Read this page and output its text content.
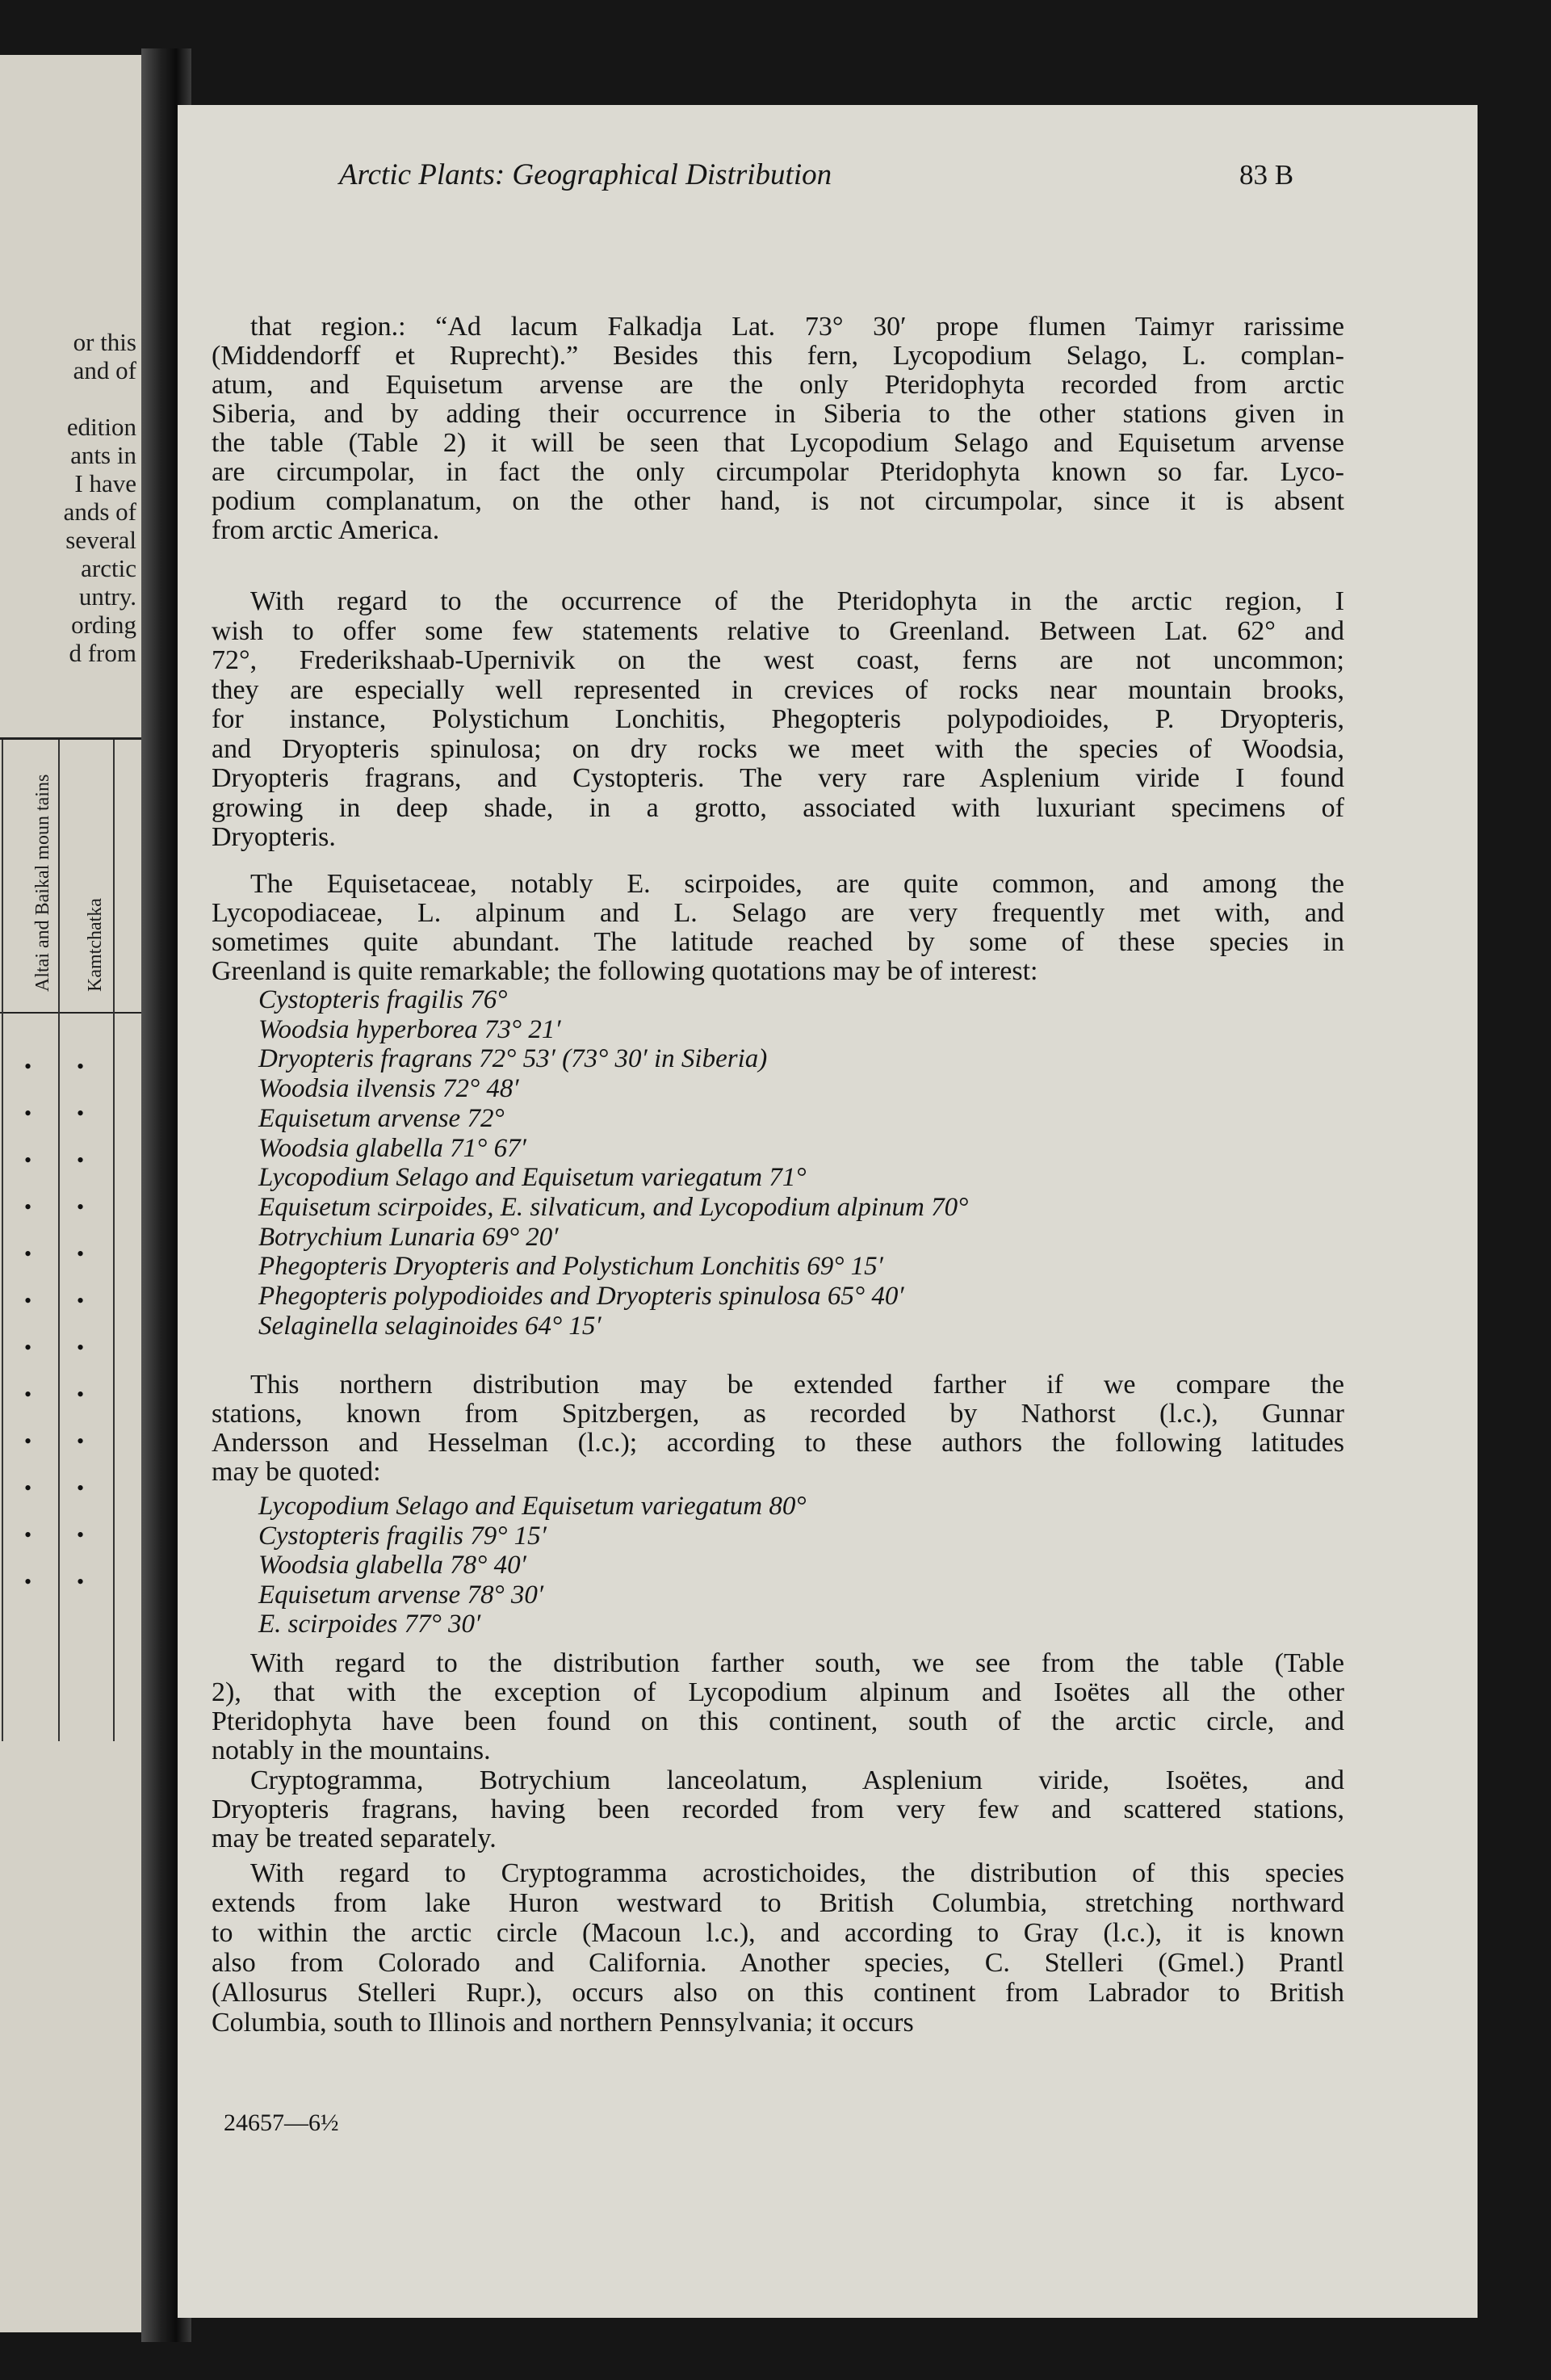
or this
and of
edition
ants in
I have
ands of
several
arctic
untry.
ording
d from
Altai and Baikal moun tains Kamtchatka
• •
• •
• •
• •
• •
• •
• •
• •
• •
• •
• •
• •
Arctic Plants: Geographical Distribution	83 B
that region.: “Ad lacum Falkadja Lat. 73° 30′ prope flumen Taimyr rarissime
(Middendorff et Ruprecht).” Besides this fern, Lycopodium Selago, L. complan-
atum, and Equisetum arvense are the only Pteridophyta recorded from arctic
Siberia, and by adding their occurrence in Siberia to the other stations given in
the table (Table 2) it will be seen that Lycopodium Selago and Equisetum arvense
are circumpolar, in fact the only circumpolar Pteridophyta known so far. Lyco-
podium complanatum, on the other hand, is not circumpolar, since it is absent
from arctic America.
With regard to the occurrence of the Pteridophyta in the arctic region, I
wish to offer some few statements relative to Greenland. Between Lat. 62° and
72°, Frederikshaab-Upernivik on the west coast, ferns are not uncommon;
they are especially well represented in crevices of rocks near mountain brooks,
for instance, Polystichum Lonchitis, Phegopteris polypodioides, P. Dryopteris,
and Dryopteris spinulosa; on dry rocks we meet with the species of Woodsia,
Dryopteris fragrans, and Cystopteris. The very rare Asplenium viride I found
growing in deep shade, in a grotto, associated with luxuriant specimens of
Dryopteris.
The Equisetaceae, notably E. scirpoides, are quite common, and among the
Lycopodiaceae, L. alpinum and L. Selago are very frequently met with, and
sometimes quite abundant. The latitude reached by some of these species in
Greenland is quite remarkable; the following quotations may be of interest:
Cystopteris fragilis 76°
Woodsia hyperborea 73° 21′
Dryopteris fragrans 72° 53′ (73° 30′ in Siberia)
Woodsia ilvensis 72° 48′
Equisetum arvense 72°
Woodsia glabella 71° 67′
Lycopodium Selago and Equisetum variegatum 71°
Equisetum scirpoides, E. silvaticum, and Lycopodium alpinum 70°
Botrychium Lunaria 69° 20′
Phegopteris Dryopteris and Polystichum Lonchitis 69° 15′
Phegopteris polypodioides and Dryopteris spinulosa 65° 40′
Selaginella selaginoides 64° 15′
This northern distribution may be extended farther if we compare the
stations, known from Spitzbergen, as recorded by Nathorst (l.c.), Gunnar
Andersson and Hesselman (l.c.); according to these authors the following latitudes
may be quoted:
Lycopodium Selago and Equisetum variegatum 80°
Cystopteris fragilis 79° 15′
Woodsia glabella 78° 40′
Equisetum arvense 78° 30′
E. scirpoides 77° 30′
With regard to the distribution farther south, we see from the table (Table
2), that with the exception of Lycopodium alpinum and Isoëtes all the other
Pteridophyta have been found on this continent, south of the arctic circle, and
notably in the mountains.
Cryptogramma, Botrychium lanceolatum, Asplenium viride, Isoëtes, and
Dryopteris fragrans, having been recorded from very few and scattered stations,
may be treated separately.
With regard to Cryptogramma acrostichoides, the distribution of this species
extends from lake Huron westward to British Columbia, stretching northward
to within the arctic circle (Macoun l.c.), and according to Gray (l.c.), it is known
also from Colorado and California. Another species, C. Stelleri (Gmel.) Prantl
(Allosurus Stelleri Rupr.), occurs also on this continent from Labrador to British
Columbia, south to Illinois and northern Pennsylvania; it occurs
24657—6½
